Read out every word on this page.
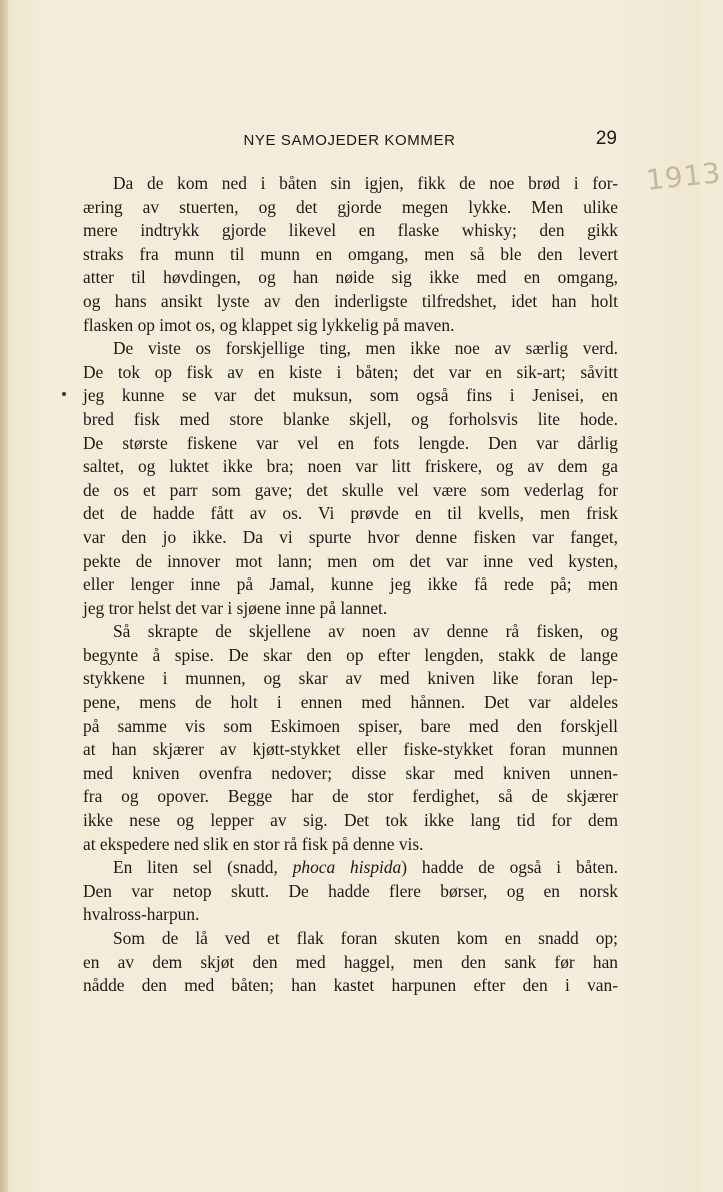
NYE SAMOJEDER KOMMER	29
1913
Da de kom ned i båten sin igjen, fikk de noe brød i for-
æring av stuerten, og det gjorde megen lykke. Men ulike
mere indtrykk gjorde likevel en flaske whisky; den gikk
straks fra munn til munn en omgang, men så ble den levert
atter til høvdingen, og han nøide sig ikke med en omgang,
og hans ansikt lyste av den inderligste tilfredshet, idet han holt
flasken op imot os, og klappet sig lykkelig på maven.
De viste os forskjellige ting, men ikke noe av særlig verd.
De tok op fisk av en kiste i båten; det var en sik-art; såvitt
jeg kunne se var det muksun, som også fins i Jenisei, en
bred fisk med store blanke skjell, og forholsvis lite hode.
De største fiskene var vel en fots lengde. Den var dårlig
saltet, og luktet ikke bra; noen var litt friskere, og av dem ga
de os et parr som gave; det skulle vel være som vederlag for
det de hadde fått av os. Vi prøvde en til kvells, men frisk
var den jo ikke. Da vi spurte hvor denne fisken var fanget,
pekte de innover mot lann; men om det var inne ved kysten,
eller lenger inne på Jamal, kunne jeg ikke få rede på; men
jeg tror helst det var i sjøene inne på lannet.
Så skrapte de skjellene av noen av denne rå fisken, og
begynte å spise. De skar den op efter lengden, stakk de lange
stykkene i munnen, og skar av med kniven like foran lep-
pene, mens de holt i ennen med hånnen. Det var aldeles
på samme vis som Eskimoen spiser, bare med den forskjell
at han skjærer av kjøtt-stykket eller fiske-stykket foran munnen
med kniven ovenfra nedover; disse skar med kniven unnen-
fra og opover. Begge har de stor ferdighet, så de skjærer
ikke nese og lepper av sig. Det tok ikke lang tid for dem
at ekspedere ned slik en stor rå fisk på denne vis.
En liten sel (snadd, phoca hispida) hadde de også i båten.
Den var netop skutt. De hadde flere børser, og en norsk
hvalross-harpun.
Som de lå ved et flak foran skuten kom en snadd op;
en av dem skjøt den med haggel, men den sank før han
nådde den med båten; han kastet harpunen efter den i van-
